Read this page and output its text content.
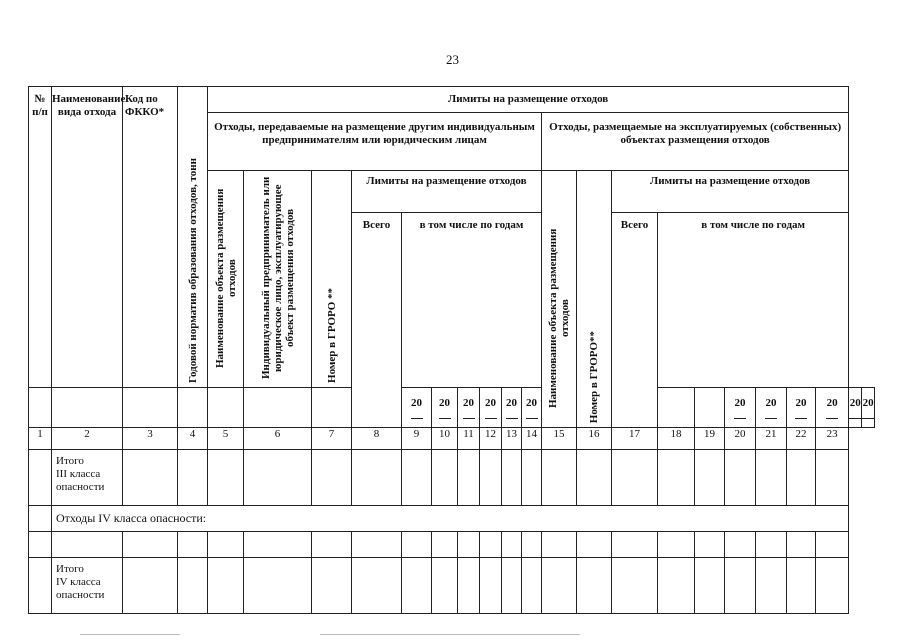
23
№ п/п	Наименование вида отхода	Код по ФККО*	Годовой норматив образования отходов, тонн	Лимиты на размещение отходов																				
				Отходы, передаваемые на размещение другим индивидуальным предпринимателям или юридическим лицам										Отходы, размещаемые на эксплуатируемых (собственных) объектах размещения отходов										

				Наименование объекта размещения отходов	Индивидуальный предприниматель или юридическое лицо, эксплуатирующее объект размещения отходов	Номер в ГРОРО **	Лимиты на размещение отходов							Наименование объекта размещения отходов	Номер в ГРОРО**	Лимиты на размещение отходов								
							Всего	в том числе по годам								Всего	в том числе по годам							
								20	20	20	20	20	20						20	20	20	20	20	20

1	2	3	4	5	6	7	8	9	10	11	12	13	14	15	16	17	18	19	20	21	22	23		
	Итого
III класса
опасности																							
	Отходы IV класса опасности:																							

	Итого
IV класса
опасности																							
